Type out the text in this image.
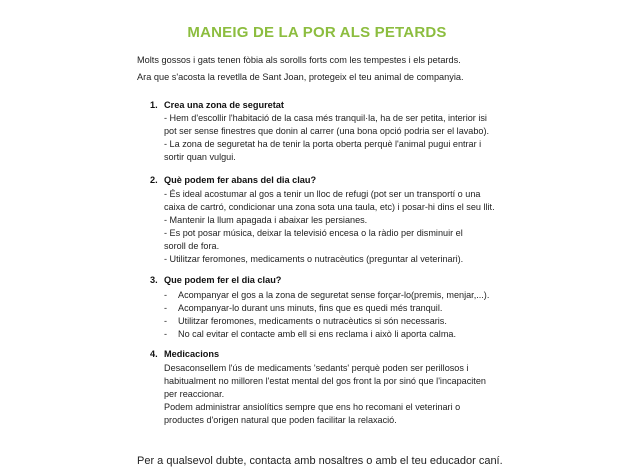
MANEIG DE LA POR ALS PETARDS
Molts gossos i gats tenen fòbia als sorolls forts com les tempestes i els petards.
Ara que s'acosta la revetlla de Sant Joan, protegeix el teu animal de companyia.
1. Crea una zona de seguretat
- Hem d'escollir l'habitació de la casa més tranquil·la, ha de ser petita, interior isi
pot ser sense finestres que donin al carrer (una bona opció podria ser el lavabo).
- La zona de seguretat ha de tenir la porta oberta perquè l'animal pugui entrar i
sortir quan vulgui.
2. Què podem fer abans del dia clau?
- És ideal acostumar al gos a tenir un lloc de refugi (pot ser un transportí o una
caixa de cartró, condicionar una zona sota una taula, etc) i posar-hi dins el seu llit.
- Mantenir la llum apagada i abaixar les persianes.
- Es pot posar música, deixar la televisió encesa o la ràdio per disminuir el
soroll de fora.
- Utilitzar feromones, medicaments o nutracèutics (preguntar al veterinari).
3. Que podem fer el dia clau?
- Acompanyar el gos a la zona de seguretat sense forçar-lo(premis, menjar,...).
- Acompanyar-lo durant uns minuts, fins que es quedi més tranquil.
- Utilitzar feromones, medicaments o nutracèutics si són necessaris.
- No cal evitar el contacte amb ell si ens reclama i això li aporta calma.
4. Medicacions
Desaconsellem l'ús de medicaments 'sedants' perquè poden ser perillosos i
habitualment no milloren l'estat mental del gos front la por sinó que l'incapaciten
per reaccionar.
Podem administrar ansiolítics sempre que ens ho recomani el veterinari o
productes d'origen natural que poden facilitar la relaxació.
Per a qualsevol dubte, contacta amb nosaltres o amb el teu educador caní.
